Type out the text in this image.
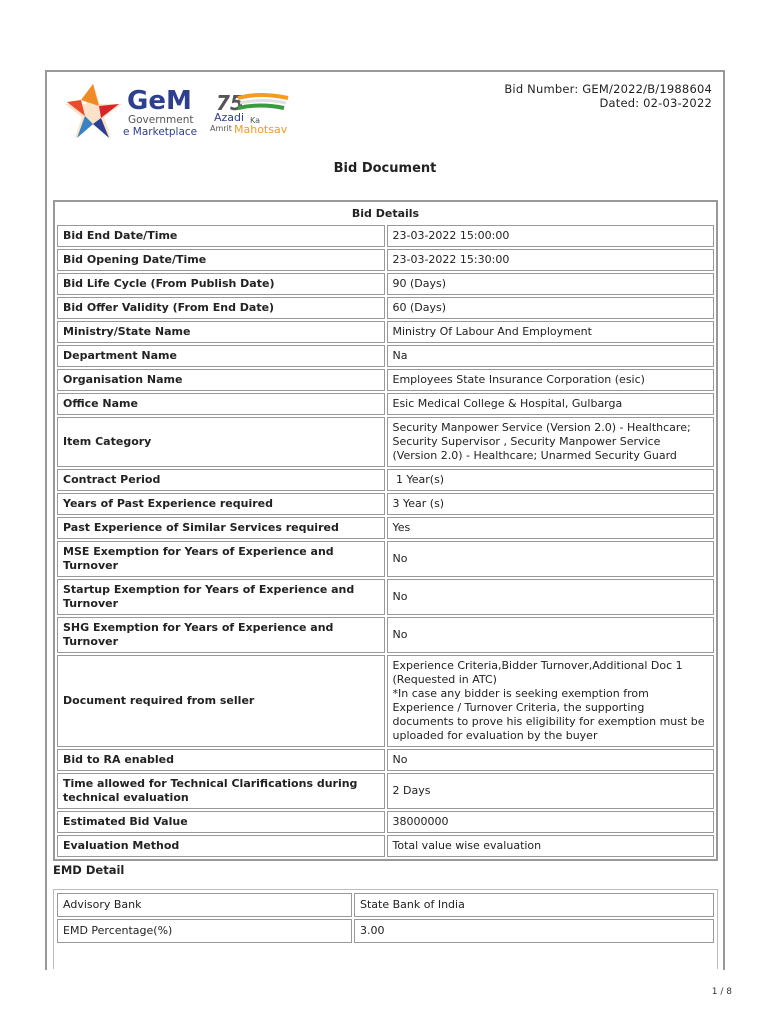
GeM
Government
e Marketplace
75
Azadi Ka
Amrit Mahotsav
Bid Number: GEM/2022/B/1988604
Dated: 02-03-2022
Bid Document
Bid Details	
Bid End Date/Time	23-03-2022 15:00:00
Bid Opening Date/Time	23-03-2022 15:30:00
Bid Life Cycle (From Publish Date)	90 (Days)
Bid Offer Validity (From End Date)	60 (Days)
Ministry/State Name	Ministry Of Labour And Employment
Department Name	Na
Organisation Name	Employees State Insurance Corporation (esic)
Office Name	Esic Medical College & Hospital, Gulbarga
Item Category	Security Manpower Service (Version 2.0) - Healthcare; Security Supervisor , Security Manpower Service (Version 2.0) - Healthcare; Unarmed Security Guard
Contract Period	1 Year(s)
Years of Past Experience required	3 Year (s)
Past Experience of Similar Services required	Yes
MSE Exemption for Years of Experience and Turnover	No
Startup Exemption for Years of Experience and Turnover	No
SHG Exemption for Years of Experience and Turnover	No
Document required from seller	Experience Criteria,Bidder Turnover,Additional Doc 1 (Requested in ATC)
*In case any bidder is seeking exemption from Experience / Turnover Criteria, the supporting documents to prove his eligibility for exemption must be uploaded for evaluation by the buyer
Bid to RA enabled	No
Time allowed for Technical Clarifications during technical evaluation	2 Days
Estimated Bid Value	38000000
Evaluation Method	Total value wise evaluation
EMD Detail
Advisory Bank	State Bank of India
EMD Percentage(%)	3.00
1 / 8
